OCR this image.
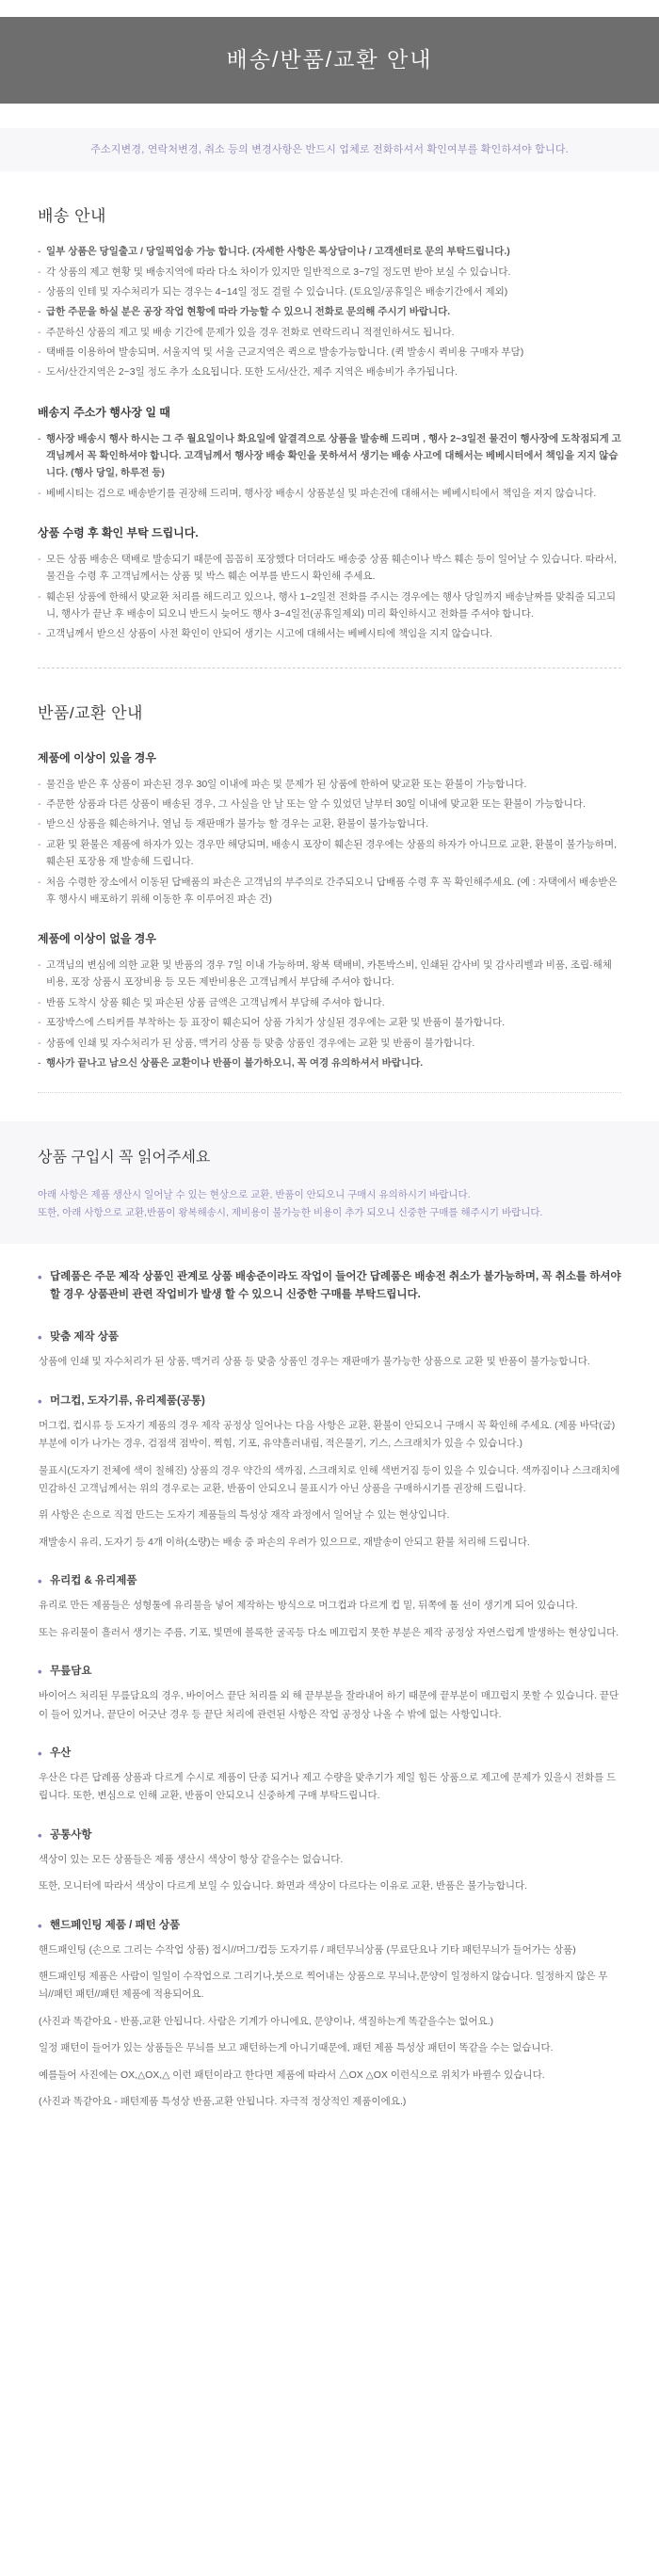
배송/반품/교환 안내
주소지변경, 연락처변경, 취소 등의 변경사항은 반드시 업체로 전화하셔서 확인여부를 확인하셔야 합니다.
배송 안내
- 일부 상품은 당일출고 / 당일픽업송 가능 합니다. (자세한 사항은 톡상담이나 / 고객센터로 문의 부탁드립니다.)
- 각 상품의 제고 현황 및 배송지역에 따라 다소 차이가 있지만 일반적으로 3~7일 정도면 받아 보실 수 있습니다.
- 상품의 인테 및 자수처리가 되는 경우는 4~14일 정도 걸릴 수 있습니다. (토요일/공휴일은 배송기간에서 제외)
- 급한 주문을 하실 분은 공장 작업 현황에 따라 가능할 수 있으니 전화로 문의해 주시기 바랍니다.
- 주문하신 상품의 제고 및 배송 기간에 문제가 있을 경우 전화로 연락드리니 적절인하셔도 됩니다.
- 택배를 이용하여 발송되며, 서울지역 및 서울 근교지역은 퀵으로 발송가능합니다. (퀵 발송시 퀵비용 구매자 부담)
- 도서/산간지역은 2~3일 정도 추가 소요됩니다. 또한 도서/산간, 제주 지역은 배송비가 추가됩니다.
배송지 주소가 행사장 일 때
- 행사장 배송시 행사 하시는 그 주 월요일이나 화요일에 알결격으로 상품을 발송해 드리며 , 행사 2~3일전 물건이 행사장에 도착점되게 고객님께서 꼭 확인하셔야 합니다. 고객님께서 행사장 배송 확인을 못하셔서 생기는 배송 사고에 대해서는 베베시터에서 책임을 지지 않습니다. (행사 당일, 하루전 등)
- 베베시티는 검으로 배송받기를 권장해 드리며, 행사장 배송시 상품분실 및 파손건에 대해서는 베베시티에서 책임을 져지 않습니다.
상품 수령 후 확인 부탁 드립니다.
- 모든 상품 배송은 택배로 발송되기 때문에 꼼꼼히 포장했다 더더라도 배송중 상품 훼손이나 박스 훼손 등이 일어날 수 있습니다. 따라서, 물건을 수령 후 고객님께서는 상품 및 박스 훼손 여부를 반드시 확인해 주세요.
- 훼손된 상품에 한해서 맞교환 처리를 해드리고 있으나, 행사 1~2일전 전화를 주시는 경우에는 행사 당일까지 배송날짜를 맞춰줄 되고되니, 행사가 끝난 후 배송이 되오니 반드시 늦어도 행사 3~4일전(공휴일제외) 미리 확인하시고 전화를 주셔야 합니다.
- 고객님께서 받으신 상품이 사전 확인이 안되어 생기는 시고에 대해서는 베베시티에 책임을 지지 않습니다.
반품/교환 안내
제품에 이상이 있을 경우
- 물건을 받은 후 상품이 파손된 경우 30일 이내에 파손 및 문제가 된 상품에 한하여 맞교환 또는 환불이 가능합니다.
- 주문한 상품과 다른 상품이 배송된 경우, 그 사실을 안 날 또는 알 수 있었던 날부터 30일 이내에 맞교환 또는 환불이 가능합니다.
- 받으신 상품을 훼손하거나, 열님 등 재판매가 불가능 할 경우는 교환, 환불이 불가능합니다.
- 교환 및 환불은 제품에 하자가 있는 경우만 해당되며, 배송시 포장이 훼손된 경우에는 상품의 하자가 아니므로 교환, 환불이 불가능하며, 훼손된 포장용 재 발송해 드립니다.
- 처음 수령한 장소에서 이동된 답배품의 파손은 고객님의 부주의로 간주되오니 답배품 수령 후 꼭 확인해주세요. (예 : 자택에서 배송받은 후 행사시 배포하기 위해 이동한 후 이루어진 파손 건)
제품에 이상이 없을 경우
- 고객님의 변심에 의한 교환 및 반품의 경우 7일 이내 가능하며, 왕복 택배비, 카톤박스비, 인쇄된 감사비 및 감사리벨과 비품, 조립·해체비용, 포장 상품시 포장비용 등 모든 제반비용은 고객님께서 부담해 주셔야 합니다.
- 반품 도착시 상품 훼손 및 파손된 상품 금액은 고객님께서 부담해 주셔야 합니다.
- 포장박스에 스티커를 부착하는 등 표장이 훼손되어 상품 가치가 상실된 경우에는 교환 및 반품이 불가합니다.
- 상품에 인쇄 및 자수처리가 된 상품, 맥거리 상품 등 맞춤 상품인 경우에는 교환 및 반품이 불가합니다.
- 행사가 끝나고 남으신 상품은 교환이나 반품이 불가하오니, 꼭 여경 유의하셔서 바랍니다.
상품 구입시 꼭 읽어주세요
아래 사항은 제품 생산시 일어날 수 있는 현상으로 교환, 반품이 안되오니 구매시 유의하시기 바랍니다.
또한, 아래 사항으로 교환,반품이 왕복해송시, 제비용이 불가능한 비용이 추가 되오니 신중한 구매를 해주시기 바랍니다.
• 답례품은 주문 제작 상품인 관계로 상품 배송준이라도 작업이 들어간 답례품은 배송전 취소가 불가능하며, 꼭 취소를 하셔야 할 경우 상품관비 관련 작업비가 발생 할 수 있으니 신중한 구매를 부탁드립니다.
• 맞춤 제작 상품

상품에 인쇄 및 자수처리가 된 상품, 맥거리 상품 등 맞춤 상품인 경우는 재판매가 불가능한 상품으로 교환 및 반품이 불가능합니다.

• 머그컵, 도자기류, 유리제품(공통)

머그컵, 컵시류 등 도자기 제품의 경우 제작 공정상 일어나는 다음 사항은 교환, 환불이 안되오니 구매시 꼭 확인해 주세요. (제품 바닥(굽)부분에 이가 나가는 경우, 검점색 점박이, 찍힘, 기포, 유약흘러내림, 적은물기, 기스, 스크래치가 있을 수 있습니다.)

물표시(도자기 전체에 색이 칠해진) 상품의 경우 약간의 색까짐, 스크래치로 인해 색번거짐 등이 있을 수 있습니다. 색까짐이나 스크래치에 민감하신 고객님께서는 위의 경우로는 교환, 반품이 안되오니 물표시가 아닌 상품을 구매하시기를 권장해 드립니다.

위 사항은 손으로 직접 만드는 도자기 제품들의 특성상 재작 과정에서 일어날 수 있는 현상입니다.

재발송시 유리, 도자기 등 4개 이하(소량)는 배송 중 파손의 우려가 있으므로, 재발송이 안되고 환불 처리해 드립니다.

• 유리컵 & 유리제품

유리로 만든 제품들은 성형툴에 유리물을 넣어 제작하는 방식으로 머그컵과 다르게 컵 밑, 뒤쪽에 톨 선이 생기게 되어 있습니다.

또는 유리물이 흘러서 생기는 주름, 기포, 빛면에 볼록한 굴곡등 다소 메끄럽지 못한 부분은 제작 공정상 자연스럽게 발생하는 현상입니다.

• 무릎담요

바이어스 처리된 무릎담요의 경우, 바이어스 끝단 처리를 외 해 끝부분을 잘라내어 하기 때문에 끝부분이 매끄럽지 못할 수 있습니다. 끝단이 들어 있거나, 끝단이 어긋난 경우 등 끝단 처리에 관련된 사항은 작업 공정상 나올 수 밖에 없는 사항입니다.

• 우산

우산은 다른 답례품 상품과 다르게 수시로 제품이 단종 되거나 제고 수량을 맞추기가 제일 힘든 상품으로 제고에 문제가 있을시 전화를 드립니다. 또한, 변심으로 인해 교환, 반품이 안되오니 신중하게 구매 부탁드립니다.

• 공통사항

색상이 있는 모든 상품들은 제품 생산시 색상이 항상 같을수는 없습니다.

또한, 모니터에 따라서 색상이 다르게 보일 수 있습니다. 화면과 색상이 다르다는 이유로 교환, 반품은 불가능합니다.

• 핸드페인팅 제품 / 패턴 상품

핸드패인팅 (손으로 그리는 수작업 상품) 접시//머그/컵등 도자기류 / 패턴무늬상품 (무료단요나 기타 패턴무늬가 들어가는 상품)

핸드패인팅 제품은 사람이 일일이 수작업으로 그리기나,붓으로 찍어내는 상품으로 무늬나,문양이 일정하지 않습니다. 일정하지 않은 무늬//패턴 패턴//패턴 제품에 적용되어요.

(사진과 똑같아요 - 반품,교환 안됩니다. 사람은 기계가 아니에요, 문양이나, 색질하는게 똑같을수는 없어요.)

일정 패턴이 들어가 있는 상품들은 무늬를 보고 패턴하는게 아니기때문에, 패턴 제품 특성상 패턴이 똑같을 수는 없습니다.

예를들어 사진에는 OX,△OX,△ 이런 패턴이라고 한다면 제품에 따라서 △OX △OX 이런식으로 위치가 바뀔수 있습니다.

(사진과 똑같아요 - 패턴제품 특성상 반품,교환 안됩니다. 자극적 정상적인 제품이에요.)
